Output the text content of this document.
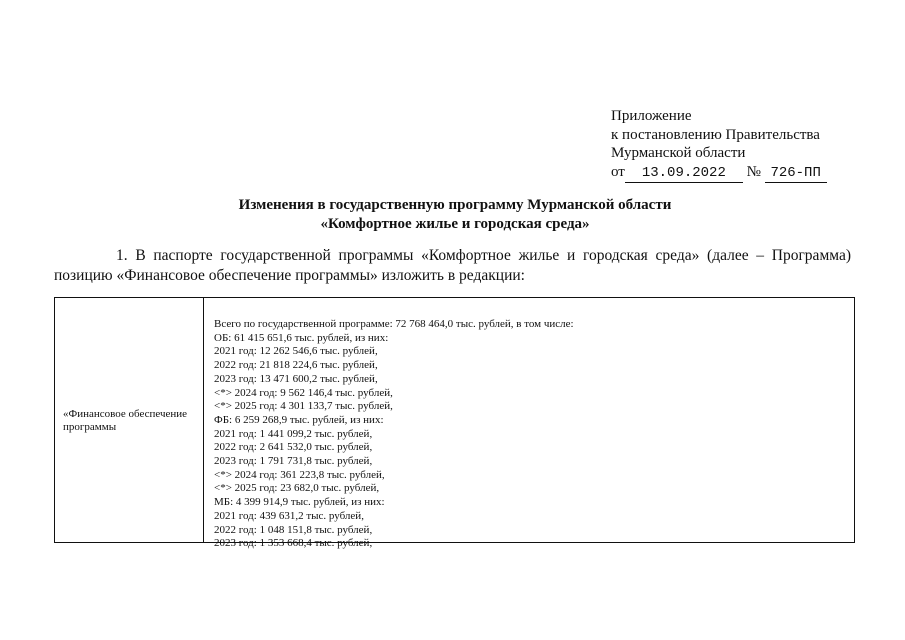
Приложение
к постановлению Правительства
Мурманской области
от 13.09.2022 № 726-ПП
Изменения в государственную программу Мурманской области
«Комфортное жилье и городская среда»
1. В паспорте государственной программы «Комфортное жилье и городская среда» (далее – Программа) позицию «Финансовое обеспечение программы» изложить в редакции:
«Финансовое обеспечение программы
Всего по государственной программе: 72 768 464,0 тыс. рублей, в том числе:
ОБ: 61 415 651,6 тыс. рублей, из них:
2021 год: 12 262 546,6 тыс. рублей,
2022 год: 21 818 224,6 тыс. рублей,
2023 год: 13 471 600,2 тыс. рублей,
<*> 2024 год: 9 562 146,4 тыс. рублей,
<*> 2025 год: 4 301 133,7 тыс. рублей,
ФБ: 6 259 268,9 тыс. рублей, из них:
2021 год: 1 441 099,2 тыс. рублей,
2022 год: 2 641 532,0 тыс. рублей,
2023 год: 1 791 731,8 тыс. рублей,
<*> 2024 год: 361 223,8 тыс. рублей,
<*> 2025 год: 23 682,0 тыс. рублей,
МБ: 4 399 914,9 тыс. рублей, из них:
2021 год: 439 631,2 тыс. рублей,
2022 год: 1 048 151,8 тыс. рублей,
2023 год: 1 353 668,4 тыс. рублей,
